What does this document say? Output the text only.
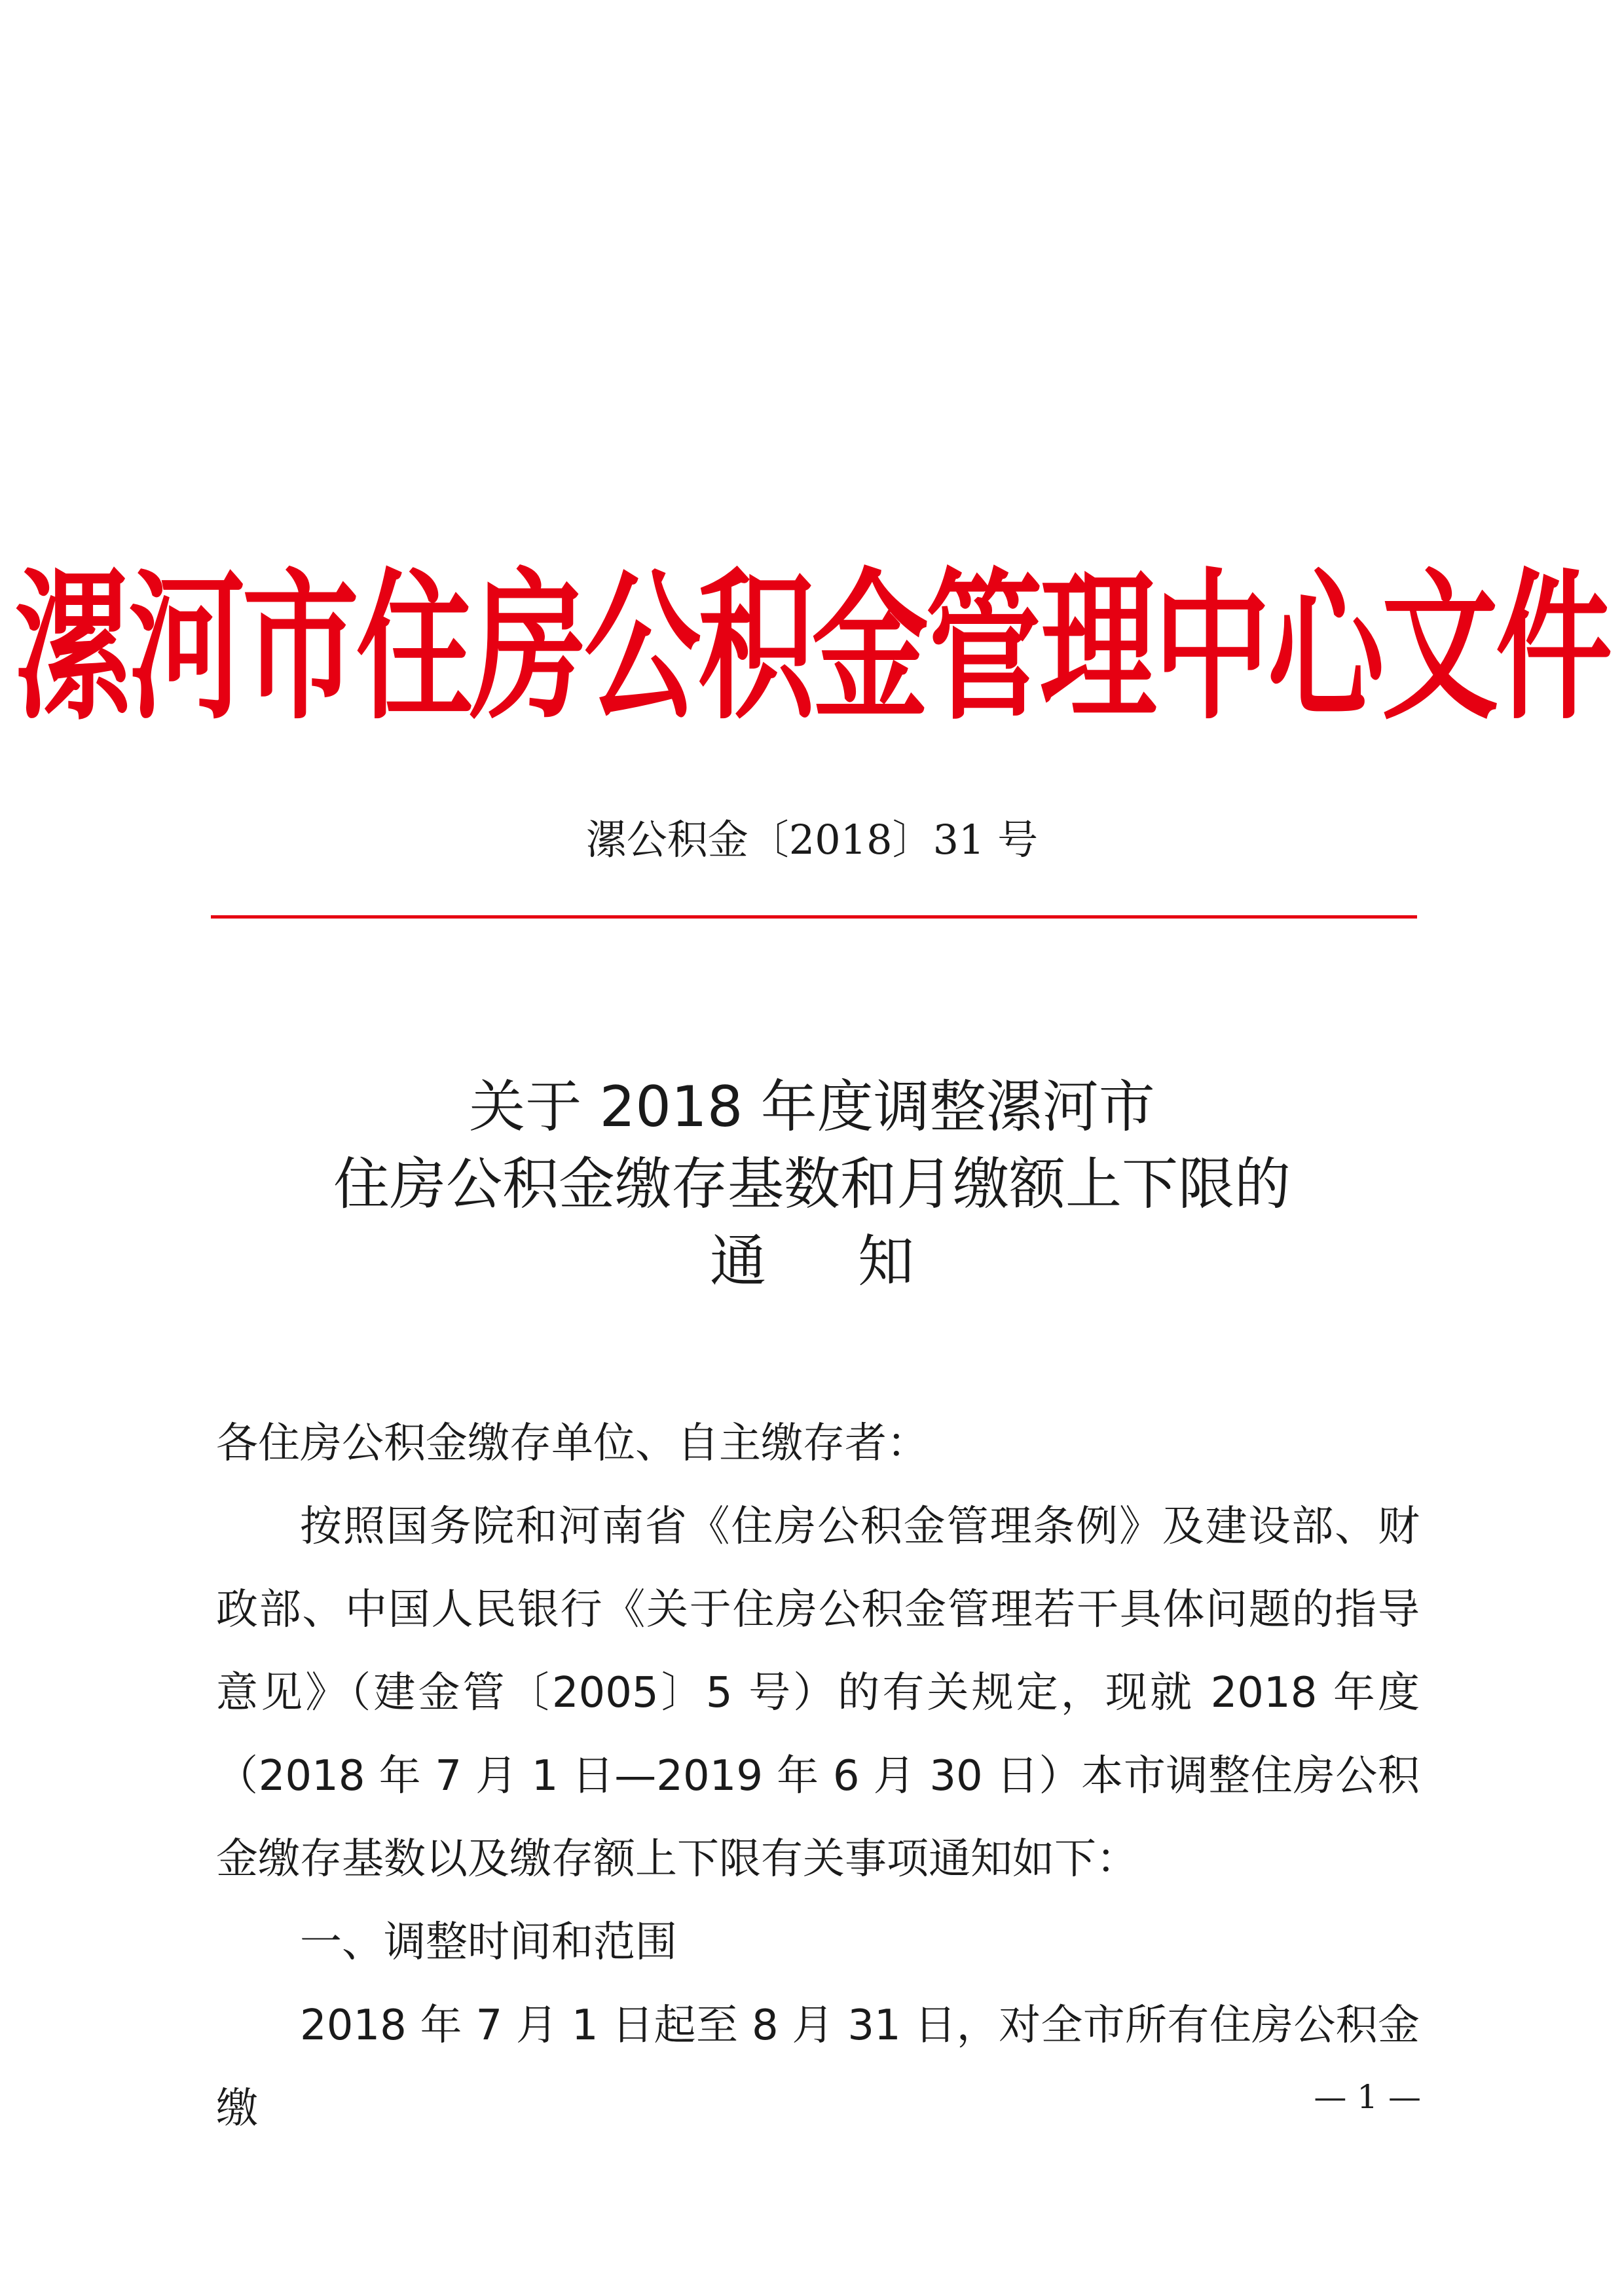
漯河市住房公积金管理中心文件
漯公积金〔2018〕31 号
关于 2018 年度调整漯河市
住房公积金缴存基数和月缴额上下限的
通知

各住房公积金缴存单位、自主缴存者：

按照国务院和河南省《住房公积金管理条例》及建设部、财政部、中国人民银行《关于住房公积金管理若干具体问题的指导意见》（建金管〔2005〕5 号）的有关规定，现就 2018 年度（2018 年 7 月 1 日—2019 年 6 月 30 日）本市调整住房公积金缴存基数以及缴存额上下限有关事项通知如下：

一、调整时间和范围

2018 年 7 月 1 日起至 8 月 31 日，对全市所有住房公积金缴	— 1 —
